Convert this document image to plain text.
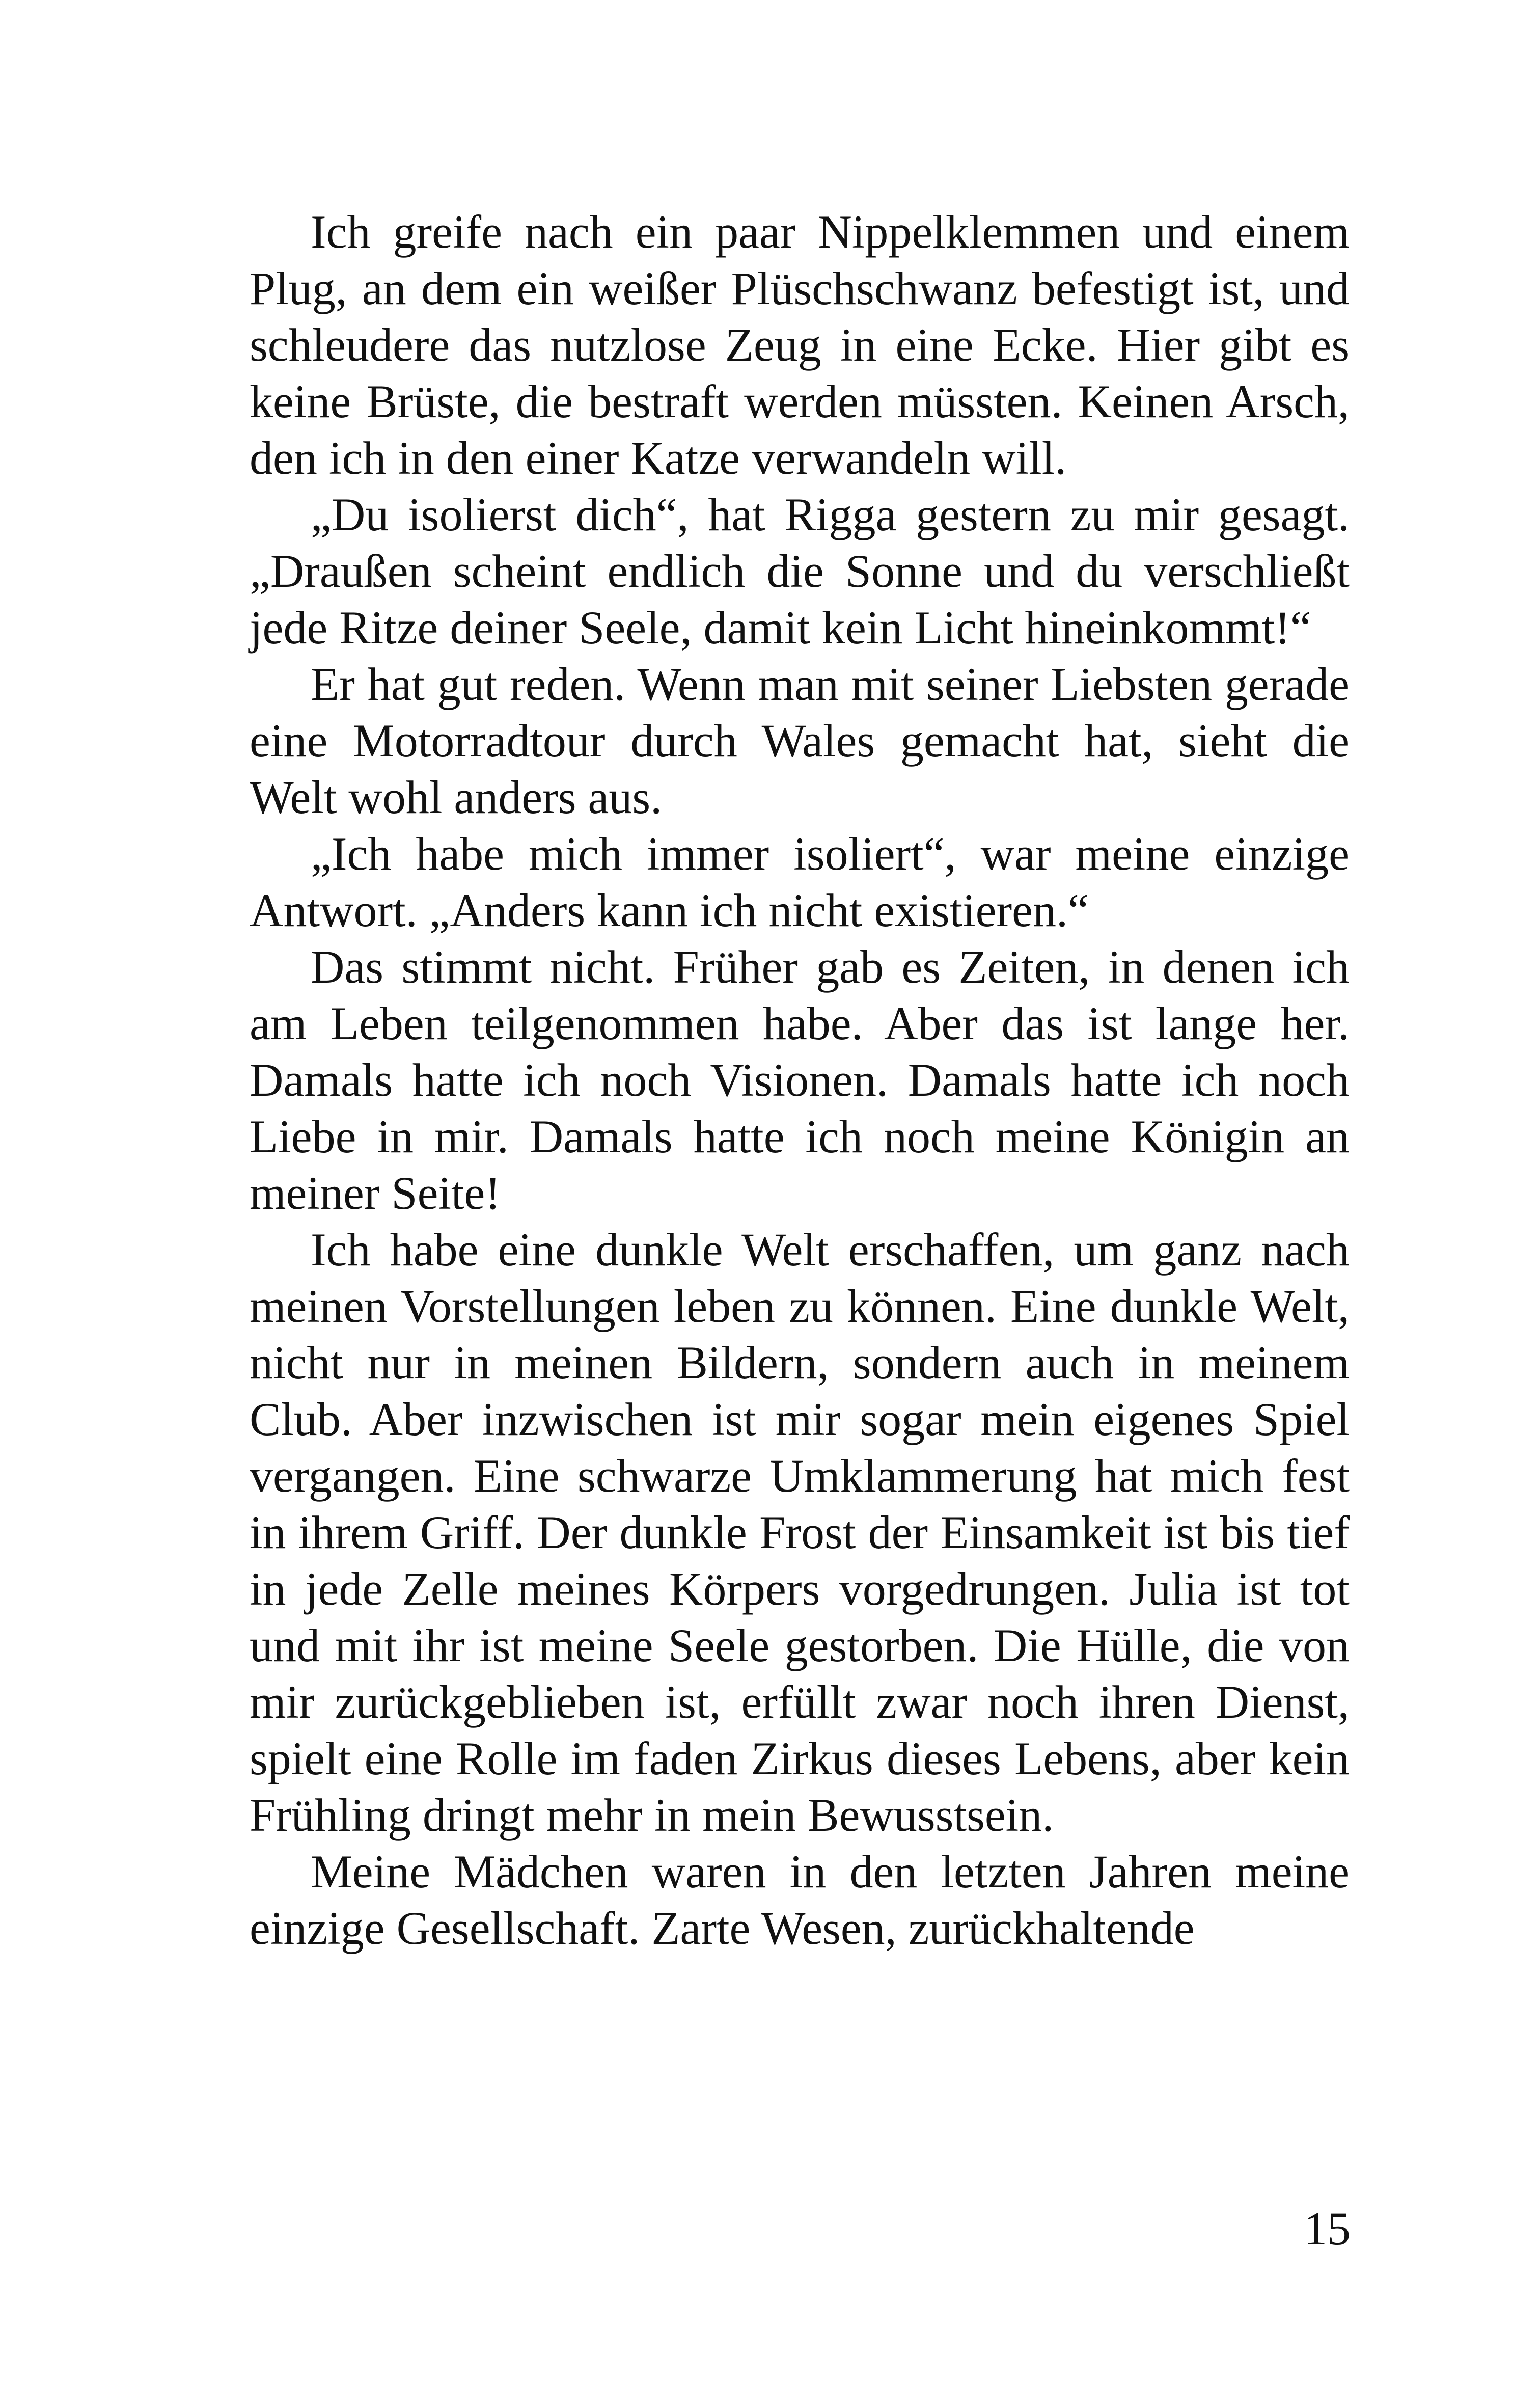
Ich greife nach ein paar Nippelklemmen und einem Plug, an dem ein weißer Plüschschwanz befestigt ist, und schleudere das nutzlose Zeug in eine Ecke. Hier gibt es keine Brüste, die bestraft werden müssten. Keinen Arsch, den ich in den einer Katze verwandeln will.

„Du isolierst dich“, hat Rigga gestern zu mir gesagt. „Draußen scheint endlich die Sonne und du verschließt jede Ritze deiner Seele, damit kein Licht hineinkommt!“

Er hat gut reden. Wenn man mit seiner Liebsten gerade eine Motorradtour durch Wales gemacht hat, sieht die Welt wohl anders aus.

„Ich habe mich immer isoliert“, war meine einzige Antwort. „Anders kann ich nicht existieren.“

Das stimmt nicht. Früher gab es Zeiten, in denen ich am Leben teilgenommen habe. Aber das ist lange her. Damals hatte ich noch Visionen. Damals hatte ich noch Liebe in mir. Damals hatte ich noch meine Königin an meiner Seite!

Ich habe eine dunkle Welt erschaffen, um ganz nach meinen Vorstellungen leben zu können. Eine dunkle Welt, nicht nur in meinen Bildern, sondern auch in meinem Club. Aber inzwischen ist mir sogar mein eigenes Spiel vergangen. Eine schwarze Umklammerung hat mich fest in ihrem Griff. Der dunkle Frost der Einsamkeit ist bis tief in jede Zelle meines Körpers vorgedrungen. Julia ist tot und mit ihr ist meine Seele gestorben. Die Hülle, die von mir zurückgeblieben ist, erfüllt zwar noch ihren Dienst, spielt eine Rolle im faden Zirkus dieses Lebens, aber kein Frühling dringt mehr in mein Bewusstsein.

Meine Mädchen waren in den letzten Jahren meine einzige Gesellschaft. Zarte Wesen, zurückhaltende

15
